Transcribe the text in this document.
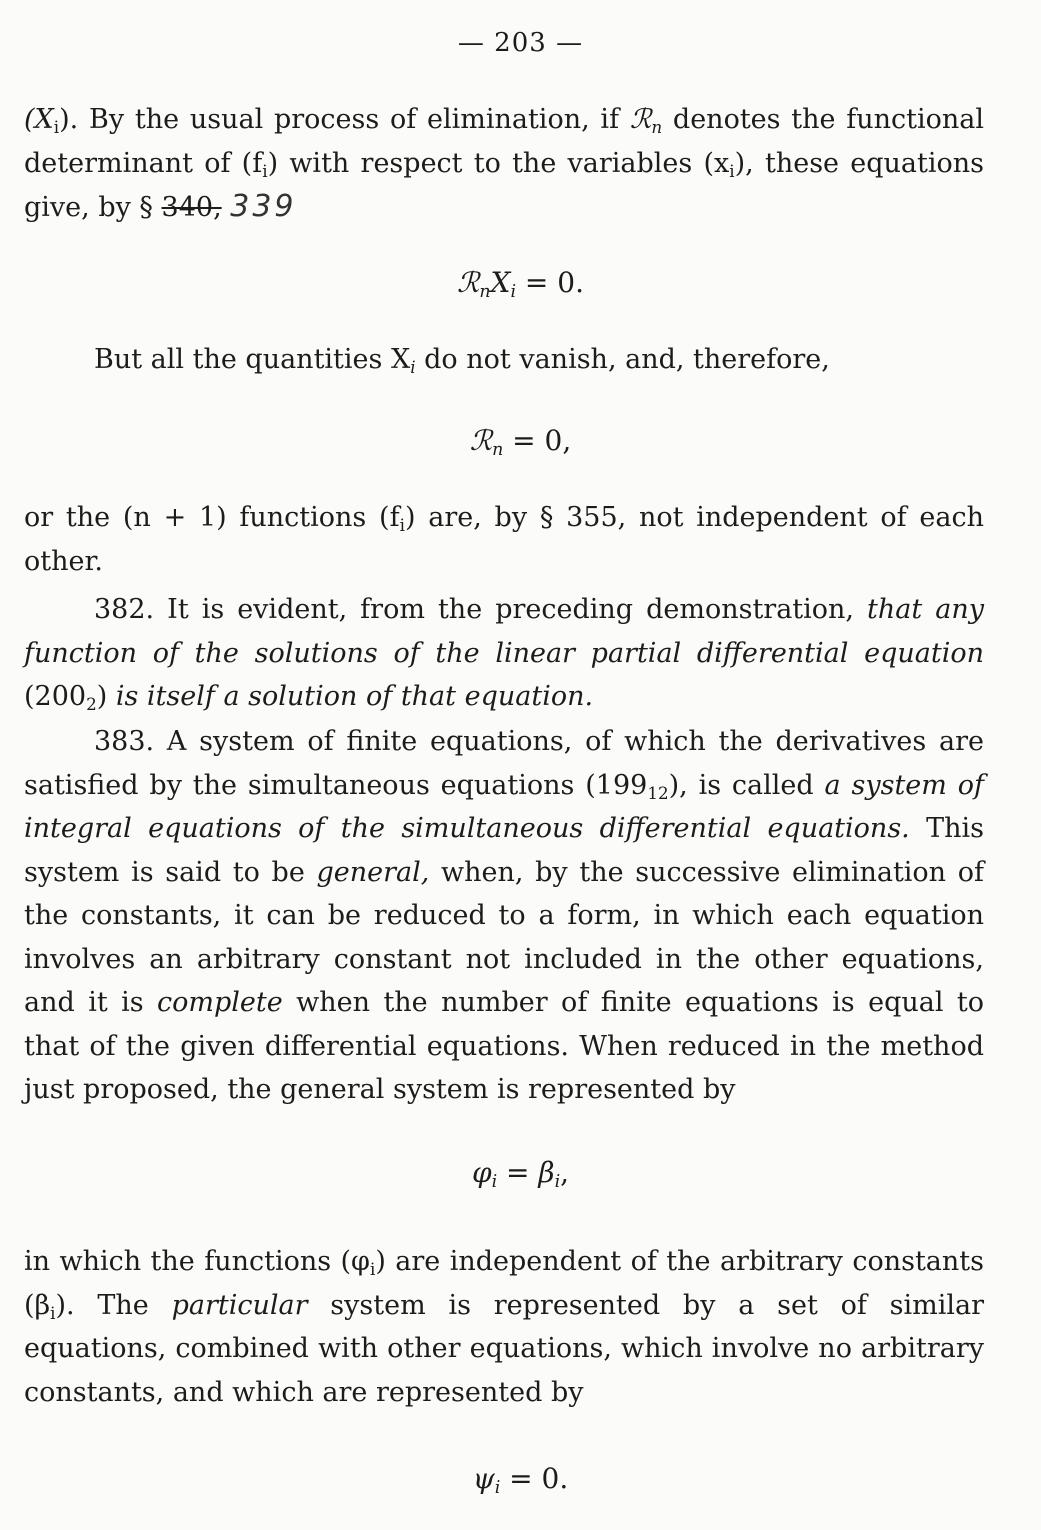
— 203 —

$(X_i)$. By the usual process of elimination, if ℛ$_n$ denotes the functional determinant of $(f_i)$ with respect to the variables $(x_i)$, these equations give, by § 340, 339

$ℛ_nX_i = 0$.

But all the quantities $X_i$ do not vanish, and, therefore,

ℛ$_n$ = 0,

or the (n + 1) functions $(f_i)$ are, by § 355, not independent of each other.

382. It is evident, from the preceding demonstration, that any function of the solutions of the linear partial differential equation $(200_2)$ is itself a solution of that equation.

383. A system of finite equations, of which the derivatives are satisfied by the simultaneous equations $(199_{12})$, is called a system of integral equations of the simultaneous differential equations. This system is said to be general, when, by the successive elimination of the constants, it can be reduced to a form, in which each equation involves an arbitrary constant not included in the other equations, and it is complete when the number of finite equations is equal to that of the given differential equations. When reduced in the method just proposed, the general system is represented by

$\varphi_i = \beta_i$,

in which the functions $(\varphi_i)$ are independent of the arbitrary constants $(\beta_i)$. The particular system is represented by a set of similar equations, combined with other equations, which involve no arbitrary constants, and which are represented by

$\psi_i = 0$.
